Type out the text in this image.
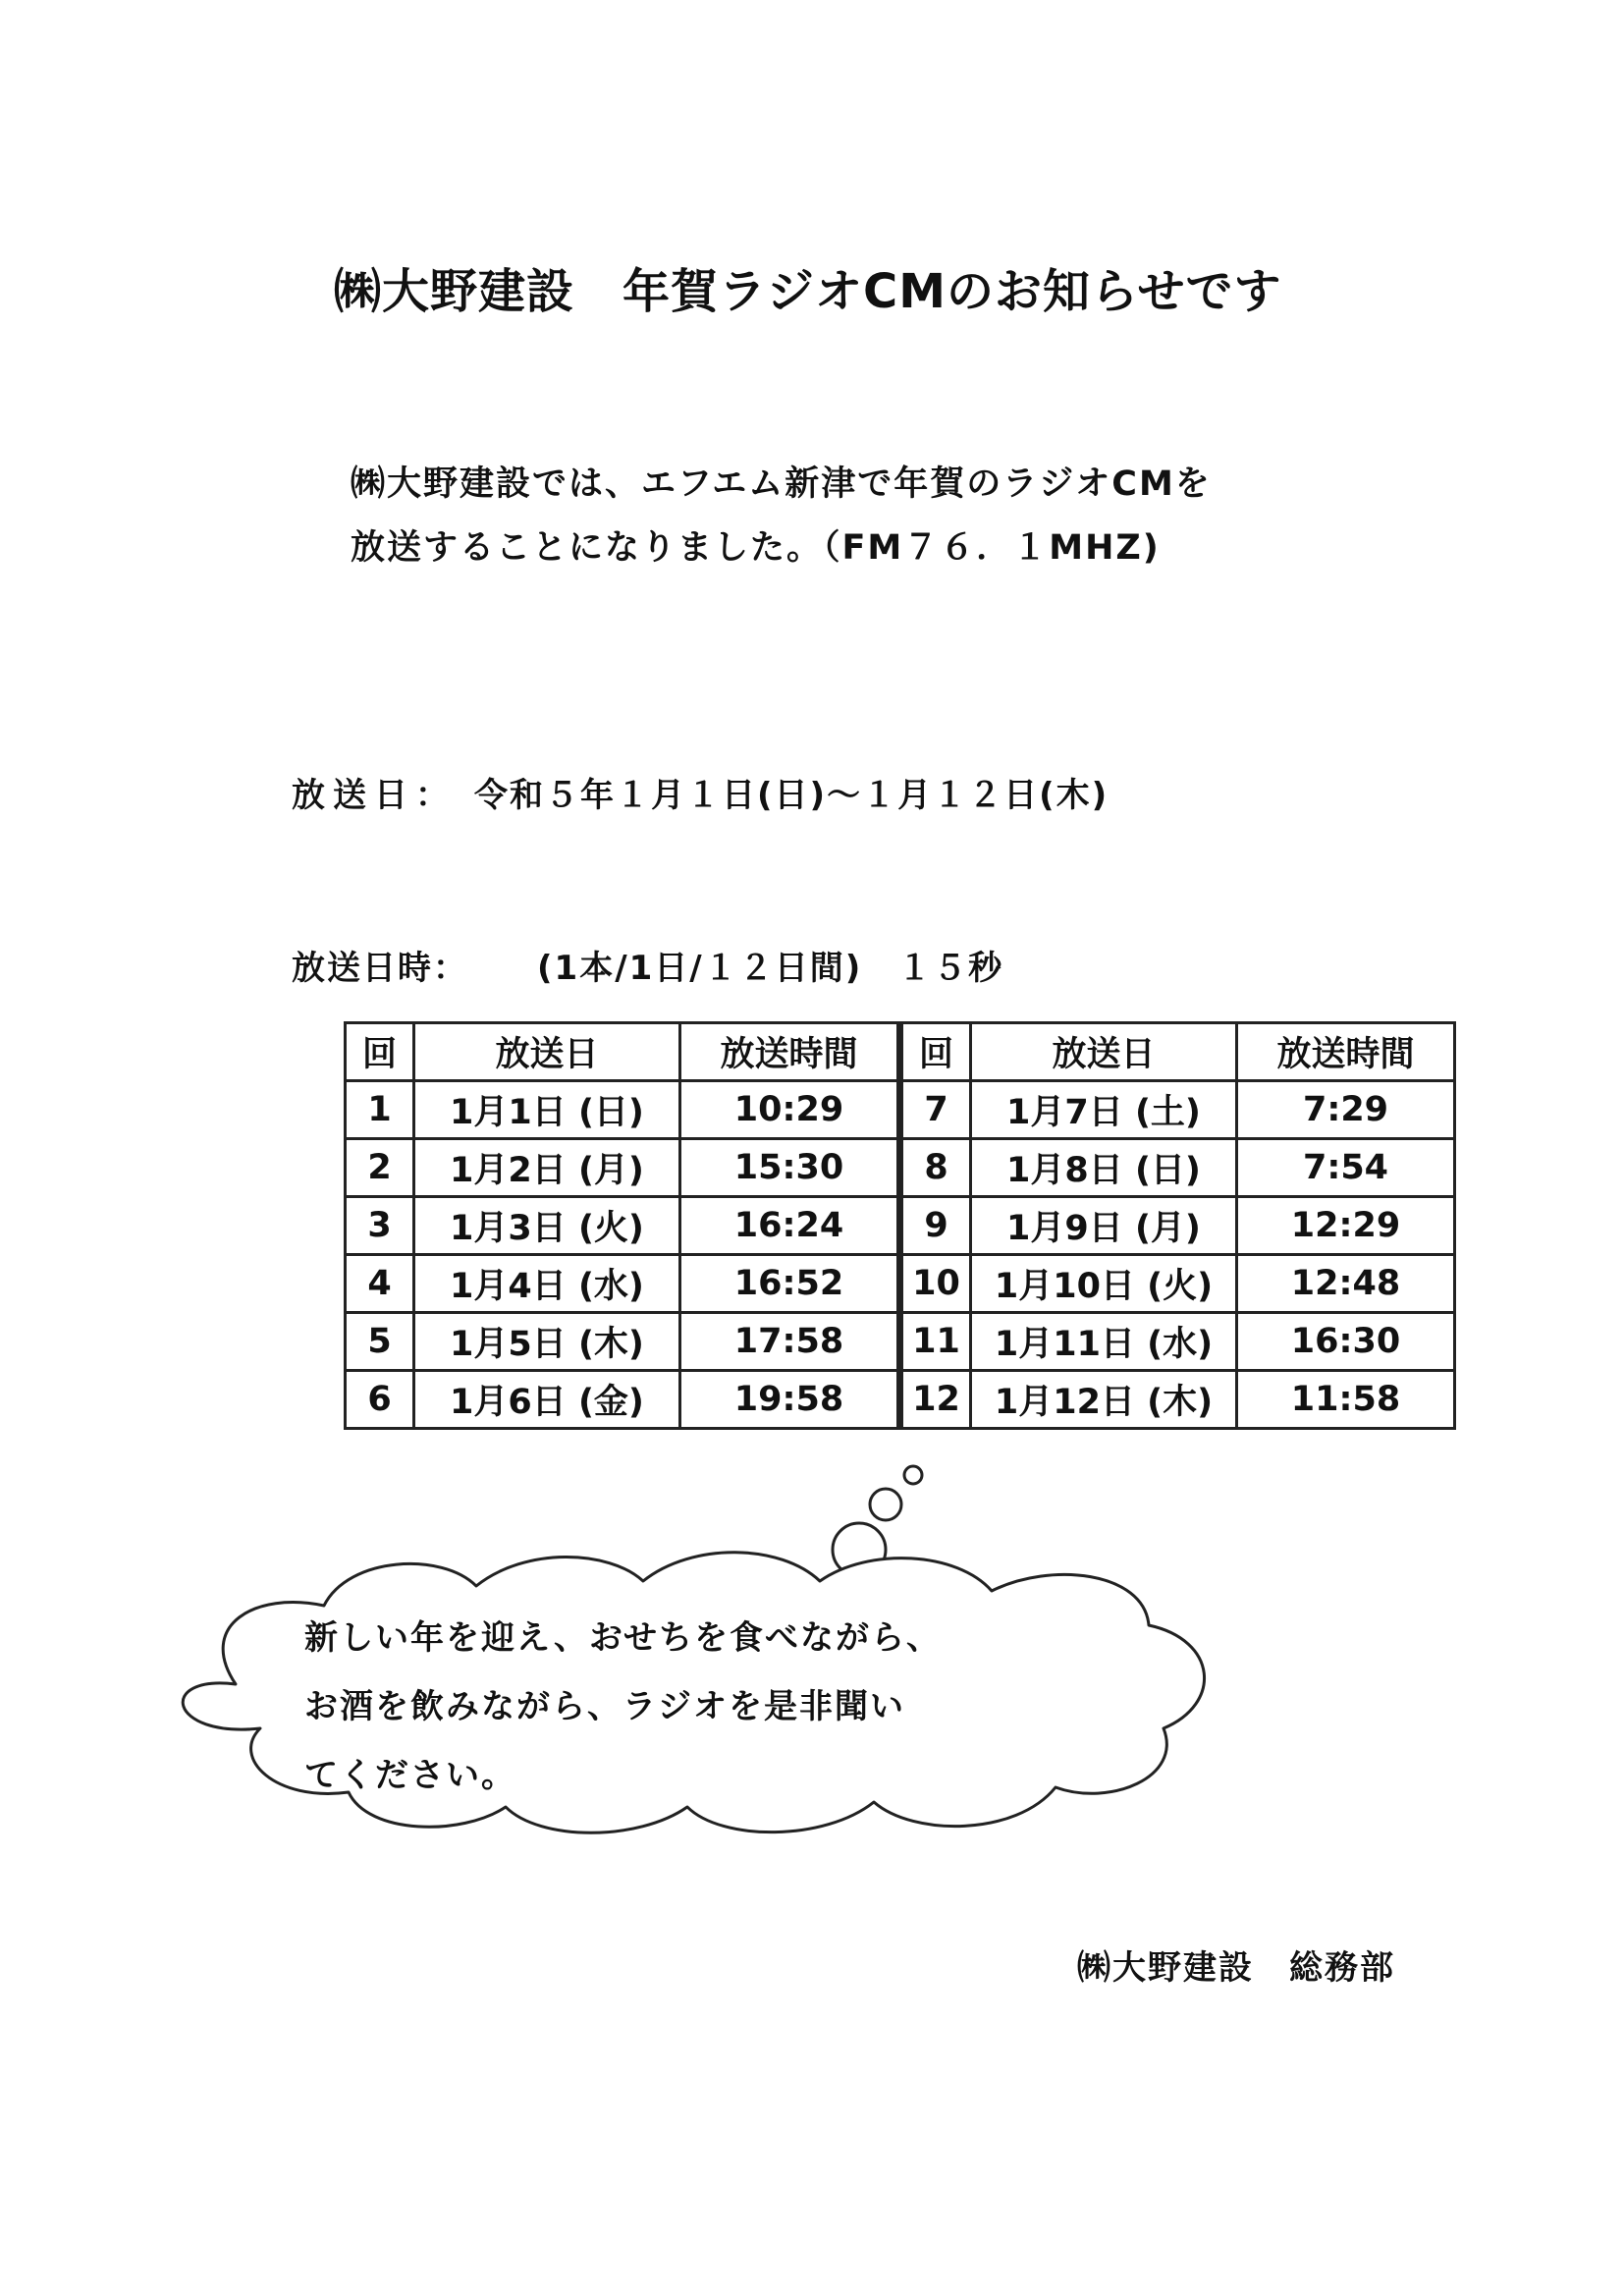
㈱大野建設　年賀ラジオCMのお知らせです
㈱大野建設では、エフエム新津で年賀のラジオCMを
放送することになりました。（FM７６．１MHZ)
放送日： 令和５年１月１日(日)～１月１２日(木)
放送日時： (1本/1日/１２日間)　１５秒
回	放送日	放送時間	回	放送日	放送時間
1	1月1日 (日)	10:29	7	1月7日 (土)	7:29
2	1月2日 (月)	15:30	8	1月8日 (日)	7:54
3	1月3日 (火)	16:24	9	1月9日 (月)	12:29
4	1月4日 (水)	16:52	10	1月10日 (火)	12:48
5	1月5日 (木)	17:58	11	1月11日 (水)	16:30
6	1月6日 (金)	19:58	12	1月12日 (木)	11:58
新しい年を迎え、おせちを食べながら、
お酒を飲みながら、ラジオを是非聞い
てください。
㈱大野建設　総務部
